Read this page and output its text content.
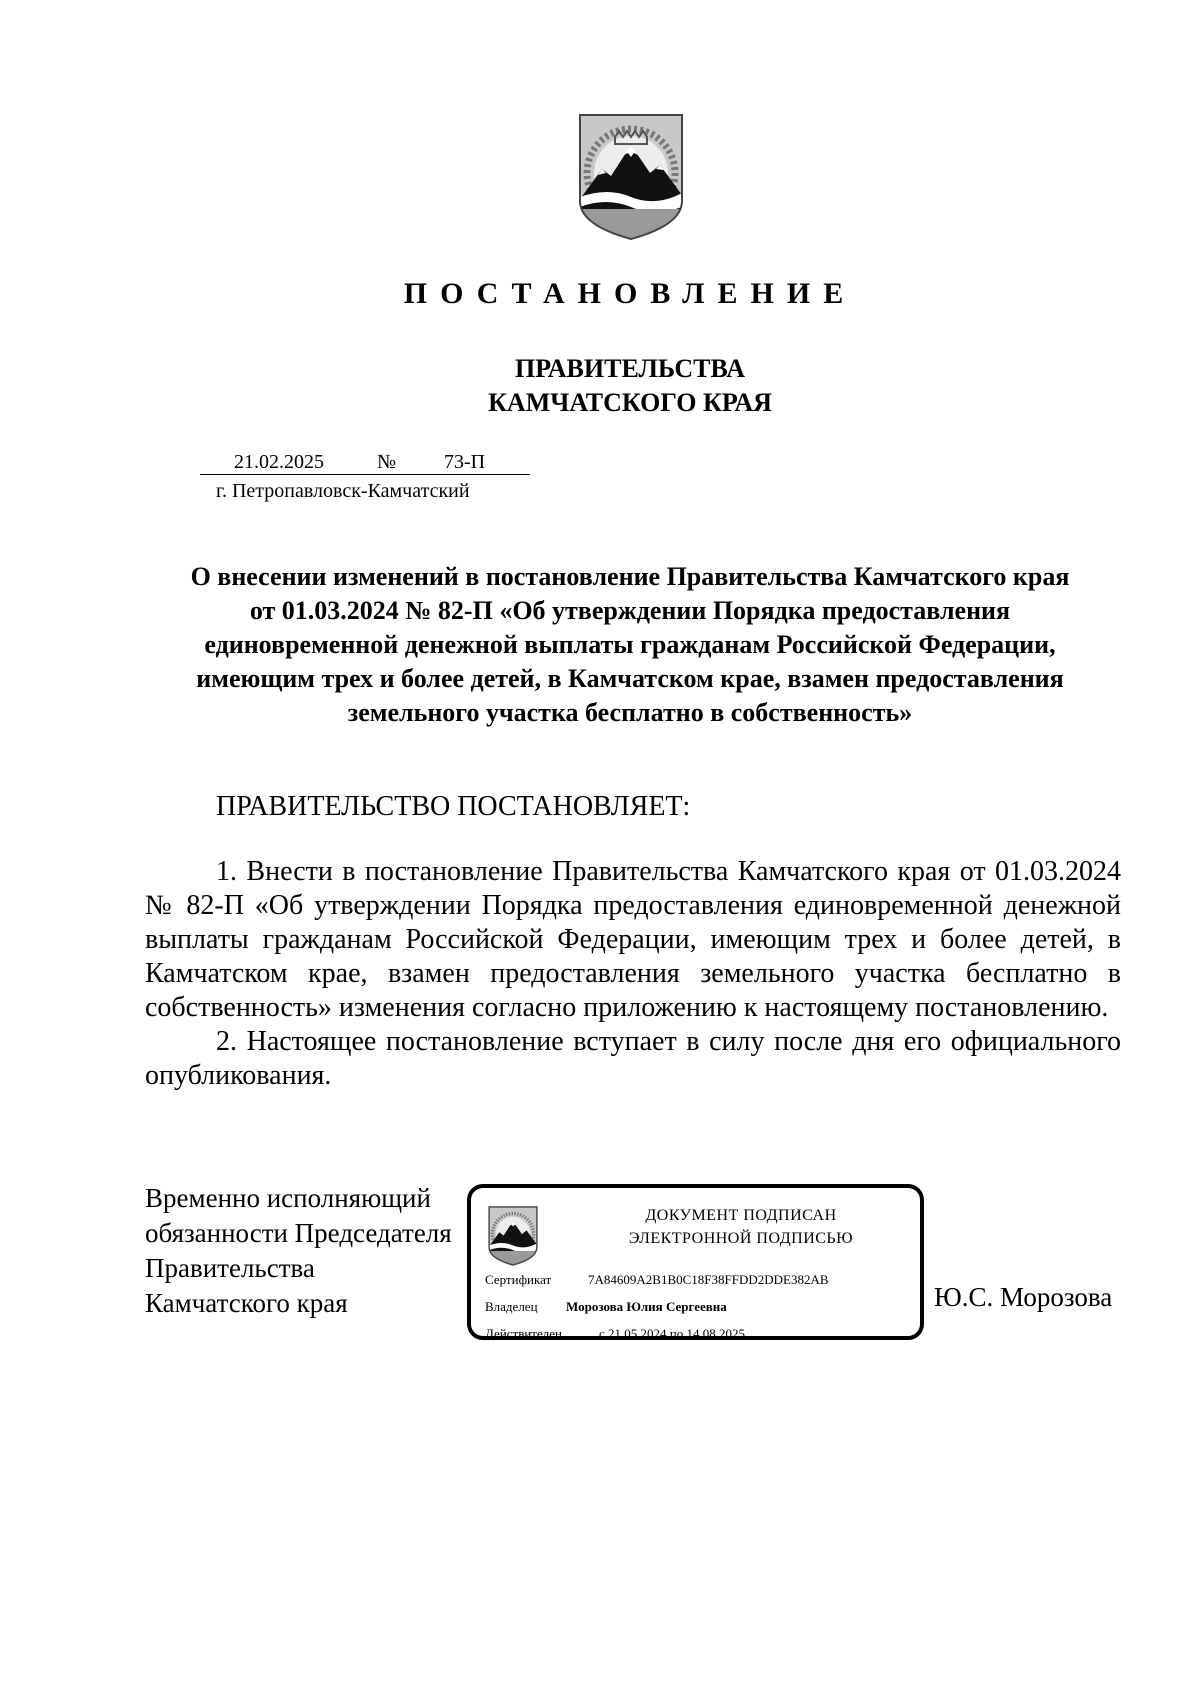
ПОСТАНОВЛЕНИЕ
ПРАВИТЕЛЬСТВА
КАМЧАТСКОГО КРАЯ
21.02.2025	№ 73-П
г. Петропавловск-Камчатский
О внесении изменений в постановление Правительства Камчатского края
от 01.03.2024 № 82-П «Об утверждении Порядка предоставления
единовременной денежной выплаты гражданам Российской Федерации,
имеющим трех и более детей, в Камчатском крае, взамен предоставления
земельного участка бесплатно в собственность»
ПРАВИТЕЛЬСТВО ПОСТАНОВЛЯЕТ:

1. Внести в постановление Правительства Камчатского края от 01.03.2024 № 82-П «Об утверждении Порядка предоставления единовременной денежной выплаты гражданам Российской Федерации, имеющим трех и более детей, в Камчатском крае, взамен предоставления земельного участка бесплатно в собственность» изменения согласно приложению к настоящему постановлению.

2. Настоящее постановление вступает в силу после дня его официального опубликования.

Временно исполняющий
обязанности Председателя
Правительства
Камчатского края
ДОКУМЕНТ ПОДПИСАН
ЭЛЕКТРОННОЙ ПОДПИСЬЮ
Сертификат	7A84609A2B1B0C18F38FFDD2DDE382AB
Владелец Морозова Юлия Сергеевна
Действителен	с 21.05.2024 по 14.08.2025
Ю.С. Морозова
